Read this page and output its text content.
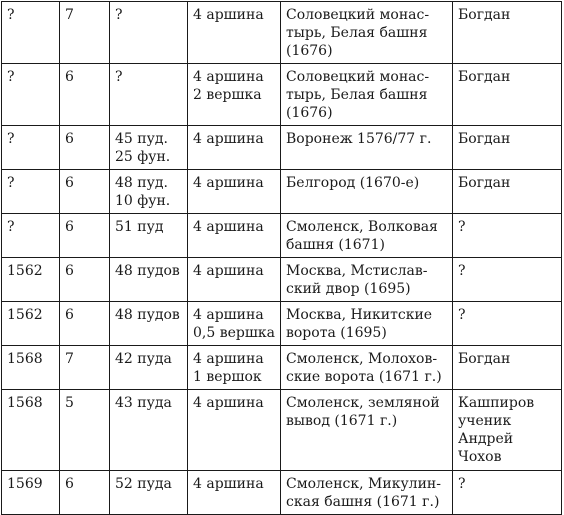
?	7	?	4 аршина	Соловецкий монас-
тырь, Белая башня
(1676)	Богдан
?	6	?	4 аршина
2 вершка	Соловецкий монас-
тырь, Белая башня
(1676)	Богдан
?	6	45 пуд.
25 фун.	4 аршина	Воронеж 1576/77 г.	Богдан
?	6	48 пуд.
10 фун.	4 аршина	Белгород (1670-е)	Богдан
?	6	51 пуд	4 аршина	Смоленск, Волковая
башня (1671)	?
1562	6	48 пудов	4 аршина	Москва, Мстислав-
ский двор (1695)	?
1562	6	48 пудов	4 аршина
0,5 вершка	Москва, Никитские
ворота (1695)	?
1568	7	42 пуда	4 аршина
1 вершок	Смоленск, Молохов-
ские ворота (1671 г.)	Богдан
1568	5	43 пуда	4 аршина	Смоленск, земляной
вывод (1671 г.)	Кашпиров
ученик
Андрей
Чохов
1569	6	52 пуда	4 аршина	Смоленск, Микулин-
ская башня (1671 г.)	?
